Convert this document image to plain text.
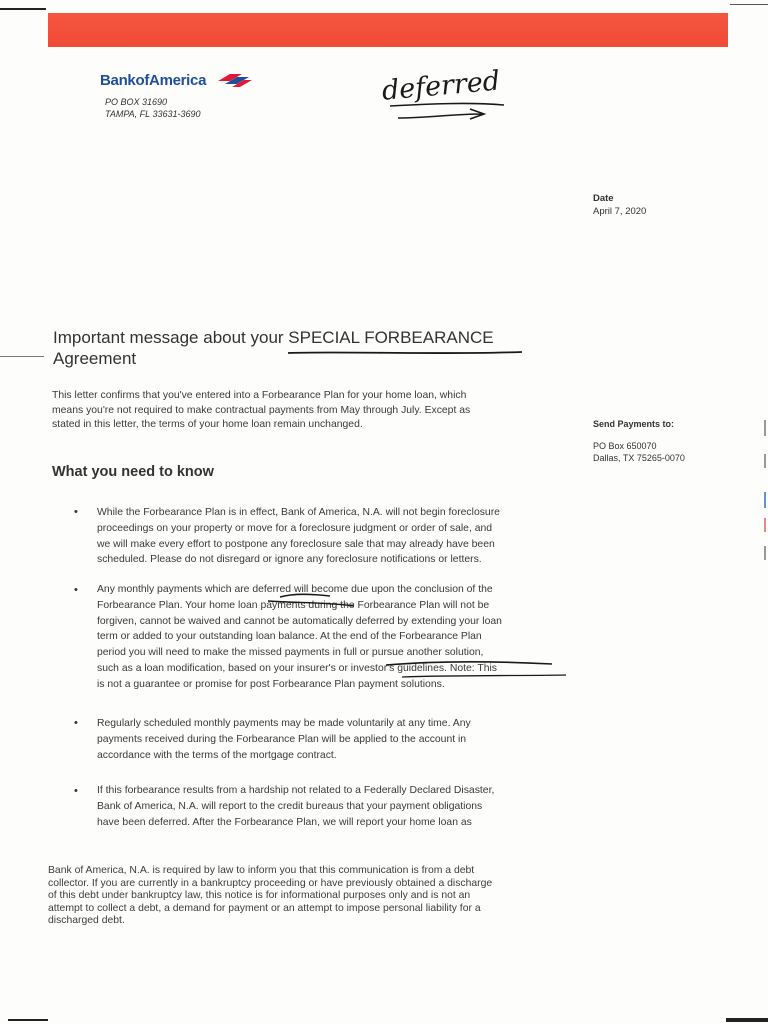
BankofAmerica
PO BOX 31690
TAMPA, FL 33631-3690
deferred
Date
April 7, 2020
Important message about your SPECIAL FORBEARANCE
Agreement
This letter confirms that you've entered into a Forbearance Plan for your home loan, which
means you're not required to make contractual payments from May through July. Except as
stated in this letter, the terms of your home loan remain unchanged.	Send Payments to:
PO Box 650070
Dallas, TX 75265-0070
What you need to know
• While the Forbearance Plan is in effect, Bank of America, N.A. will not begin foreclosure
proceedings on your property or move for a foreclosure judgment or order of sale, and
we will make every effort to postpone any foreclosure sale that may already have been
scheduled. Please do not disregard or ignore any foreclosure notifications or letters.
• Any monthly payments which are deferred will become due upon the conclusion of the
Forbearance Plan. Your home loan payments during the Forbearance Plan will not be
forgiven, cannot be waived and cannot be automatically deferred by extending your loan
term or added to your outstanding loan balance. At the end of the Forbearance Plan
period you will need to make the missed payments in full or pursue another solution,
such as a loan modification, based on your insurer's or investor's guidelines. Note: This
is not a guarantee or promise for post Forbearance Plan payment solutions.
• Regularly scheduled monthly payments may be made voluntarily at any time. Any
payments received during the Forbearance Plan will be applied to the account in
accordance with the terms of the mortgage contract.
• If this forbearance results from a hardship not related to a Federally Declared Disaster,
Bank of America, N.A. will report to the credit bureaus that your payment obligations
have been deferred. After the Forbearance Plan, we will report your home loan as
Bank of America, N.A. is required by law to inform you that this communication is from a debt
collector. If you are currently in a bankruptcy proceeding or have previously obtained a discharge
of this debt under bankruptcy law, this notice is for informational purposes only and is not an
attempt to collect a debt, a demand for payment or an attempt to impose personal liability for a
discharged debt.
